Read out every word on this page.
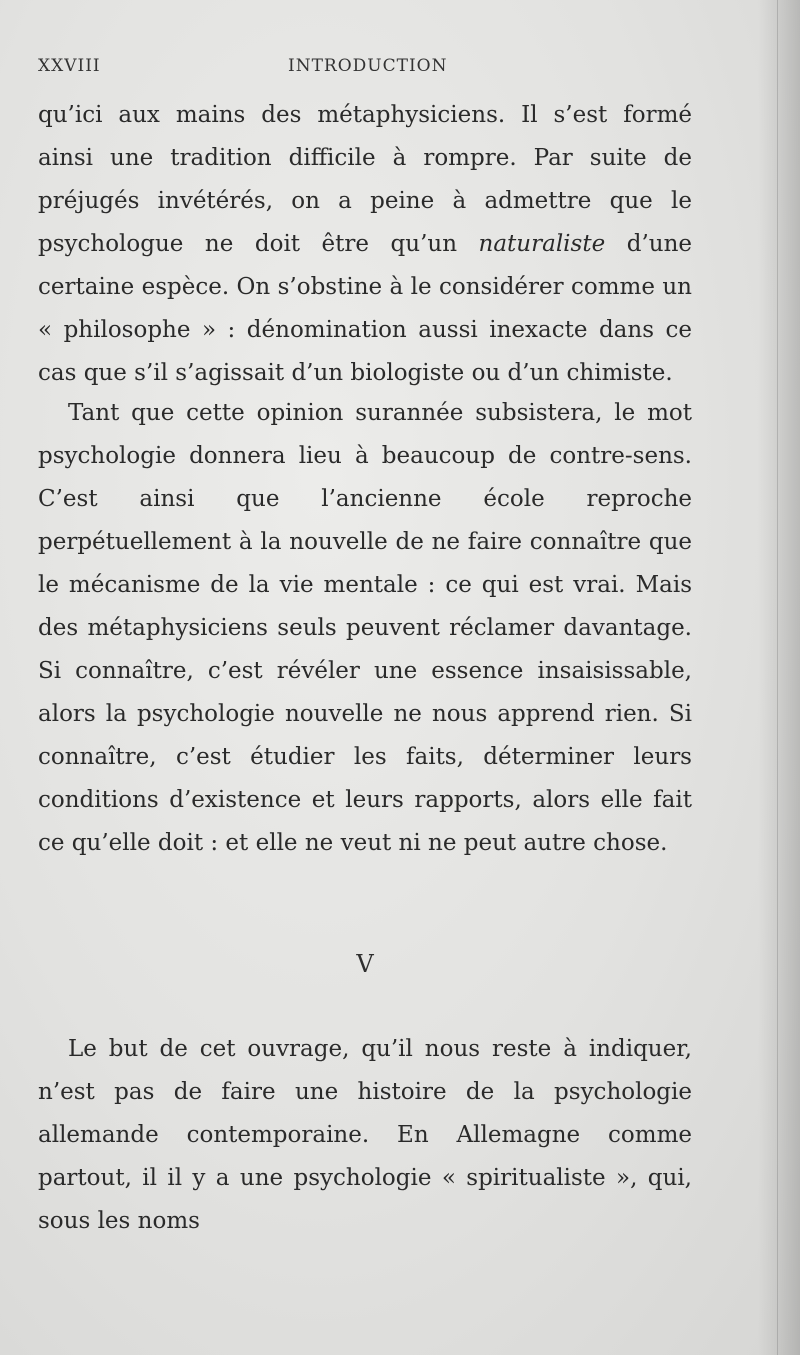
XXVIII	INTRODUCTION

qu’ici aux mains des métaphysiciens. Il s’est formé ainsi une tradition difficile à rompre. Par suite de préjugés invétérés, on a peine à admettre que le psychologue ne doit être qu’un naturaliste d’une certaine espèce. On s’obstine à le considérer comme un « philosophe » : dénomination aussi inexacte dans ce cas que s’il s’agissait d’un biologiste ou d’un chimiste.

Tant que cette opinion surannée subsistera, le mot psychologie donnera lieu à beaucoup de contre-sens. C’est ainsi que l’ancienne école reproche perpétuellement à la nouvelle de ne faire connaître que le mécanisme de la vie mentale : ce qui est vrai. Mais des métaphysiciens seuls peuvent réclamer davantage. Si connaître, c’est révéler une essence insaisissable, alors la psychologie nouvelle ne nous apprend rien. Si connaître, c’est étudier les faits, déterminer leurs conditions d’existence et leurs rapports, alors elle fait ce qu’elle doit : et elle ne veut ni ne peut autre chose.

V

Le but de cet ouvrage, qu’il nous reste à indiquer, n’est pas de faire une histoire de la psychologie allemande contemporaine. En Allemagne comme partout, il il y a une psychologie « spiritualiste », qui, sous les noms
